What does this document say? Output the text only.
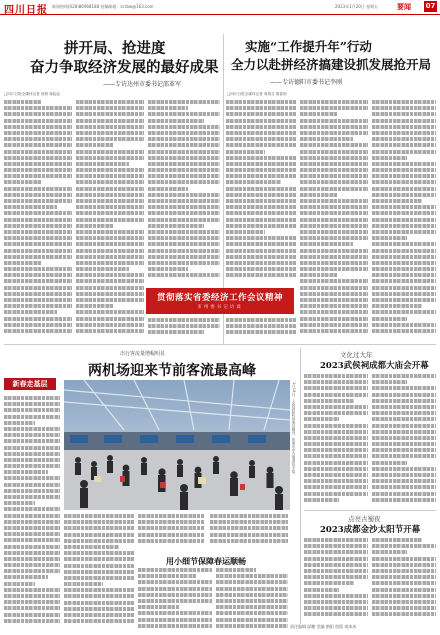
四川日报 新闻热线(028)86968188 投稿邮箱：scrbw@163.com	2023年1月20日 星期五	要闻 07
拼开局、抢进度
奋力争取经济发展的最好成果
——专访达州市委书记邵革军
□四川日报全媒体记者 徐倩 蒋骁骁
实施“工作提升年”行动
全力以赴拼经济搞建设抓发展抢开局
——专访德阳市委书记李刚
□四川日报全媒体记者 周相吉 胡春雨
贯彻落实省委经济工作会议精神
市州委书记访谈
出行客流量增幅明显
两机场迎来节前客流最高峰
新春走基层	1月19日，天府国际机场航站楼内，旅客有序办理乘机手续。
用小细节保障春运顺畅
文化过大年
2023武侯祠成都大庙会开幕
点亮古蜀夜
2023成都金沙太阳节开幕
责任编辑 邱鹏 美编 朝阳 组版 胡冰冰
